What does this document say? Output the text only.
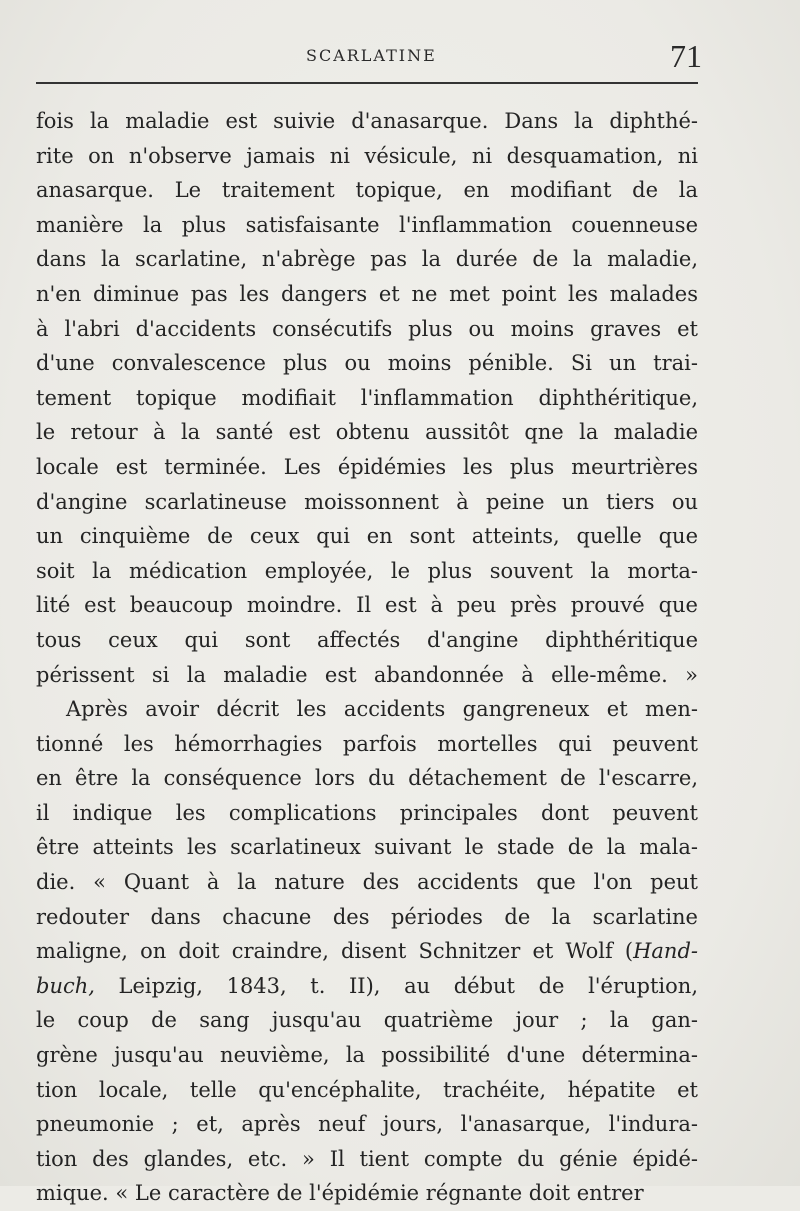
SCARLATINE	71
fois la maladie est suivie d'anasarque. Dans la diphthé-
rite on n'observe jamais ni vésicule, ni desquamation, ni
anasarque. Le traitement topique, en modifiant de la
manière la plus satisfaisante l'inflammation couenneuse
dans la scarlatine, n'abrège pas la durée de la maladie,
n'en diminue pas les dangers et ne met point les malades
à l'abri d'accidents consécutifs plus ou moins graves et
d'une convalescence plus ou moins pénible. Si un trai-
tement topique modifiait l'inflammation diphthéritique,
le retour à la santé est obtenu aussitôt qne la maladie
locale est terminée. Les épidémies les plus meurtrières
d'angine scarlatineuse moissonnent à peine un tiers ou
un cinquième de ceux qui en sont atteints, quelle que
soit la médication employée, le plus souvent la morta-
lité est beaucoup moindre. Il est à peu près prouvé que
tous ceux qui sont affectés d'angine diphthéritique
périssent si la maladie est abandonnée à elle-même. »
Après avoir décrit les accidents gangreneux et men-
tionné les hémorrhagies parfois mortelles qui peuvent
en être la conséquence lors du détachement de l'escarre,
il indique les complications principales dont peuvent
être atteints les scarlatineux suivant le stade de la mala-
die. « Quant à la nature des accidents que l'on peut
redouter dans chacune des périodes de la scarlatine
maligne, on doit craindre, disent Schnitzer et Wolf (Hand-
buch, Leipzig, 1843, t. II), au début de l'éruption,
le coup de sang jusqu'au quatrième jour ; la gan-
grène jusqu'au neuvième, la possibilité d'une détermina-
tion locale, telle qu'encéphalite, trachéite, hépatite et
pneumonie ; et, après neuf jours, l'anasarque, l'indura-
tion des glandes, etc. » Il tient compte du génie épidé-
mique. « Le caractère de l'épidémie régnante doit entrer
